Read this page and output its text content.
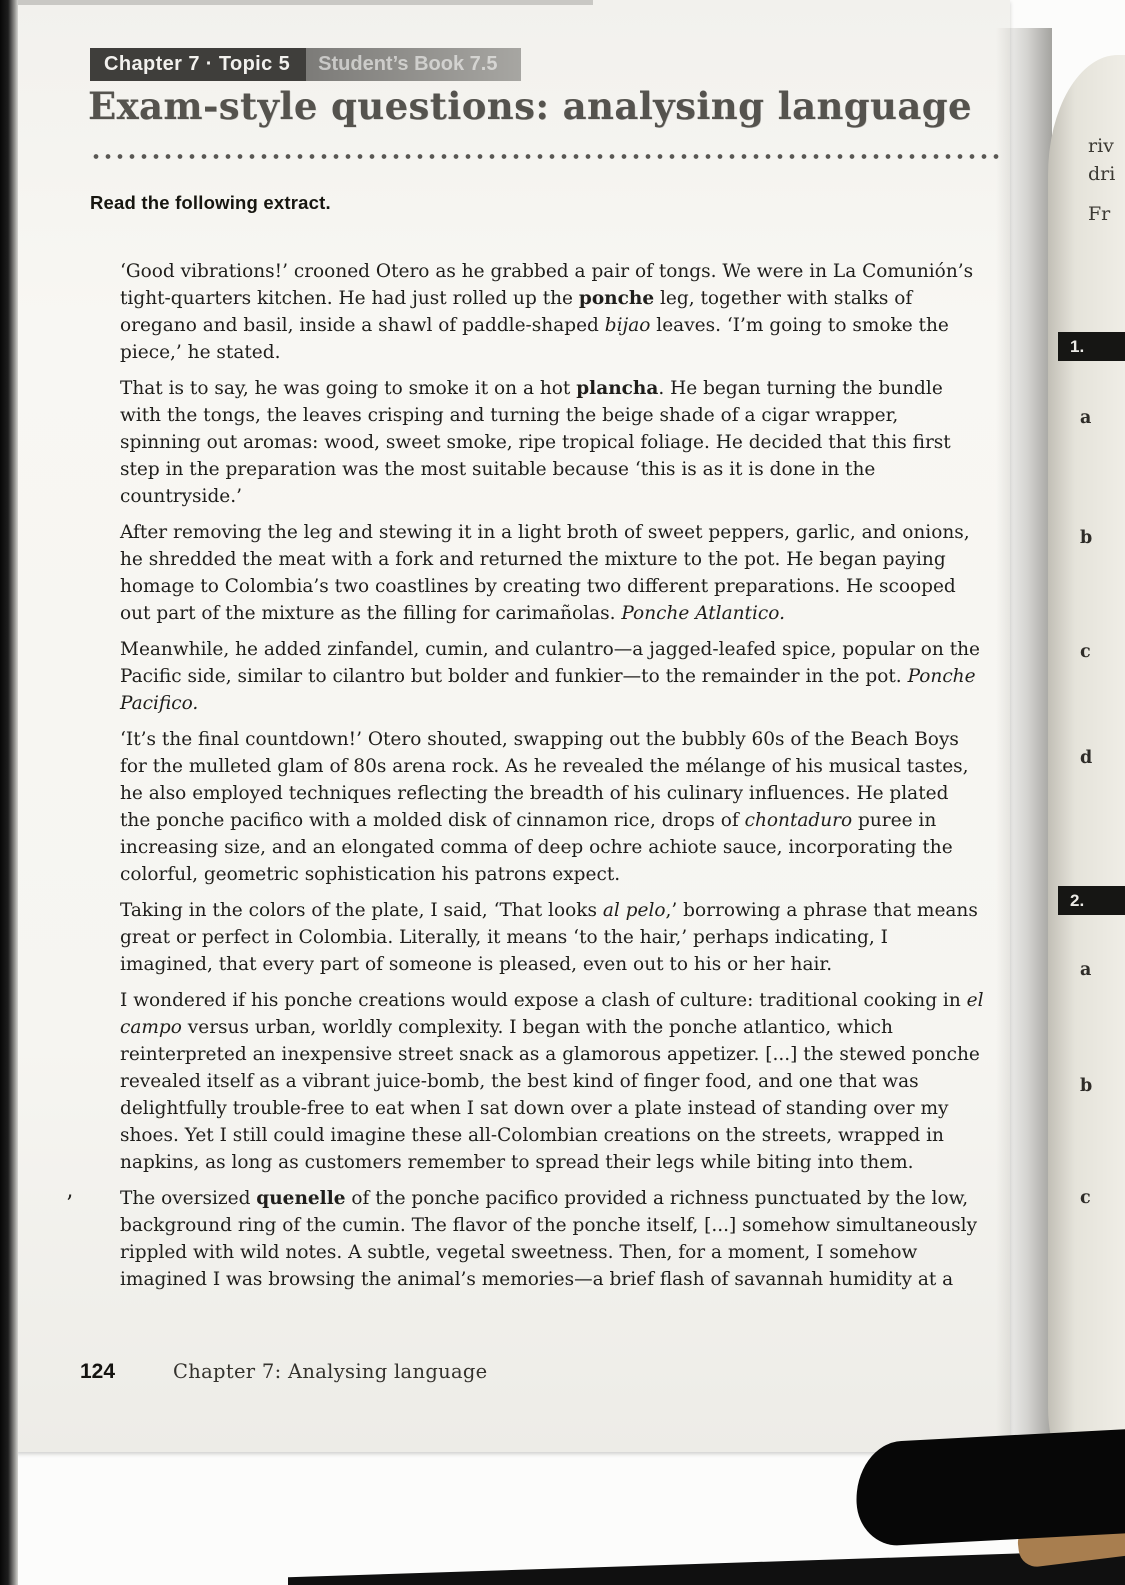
Chapter 7 · Topic 5	Student’s Book 7.5
Exam-style questions: analysing language

Read the following extract.

‘Good vibrations!’ crooned Otero as he grabbed a pair of tongs. We were in La Comunión’s tight-quarters kitchen. He had just rolled up the ponche leg, together with stalks of oregano and basil, inside a shawl of paddle-shaped bijao leaves. ‘I’m going to smoke the piece,’ he stated.

That is to say, he was going to smoke it on a hot plancha. He began turning the bundle with the tongs, the leaves crisping and turning the beige shade of a cigar wrapper, spinning out aromas: wood, sweet smoke, ripe tropical foliage. He decided that this first step in the preparation was the most suitable because ‘this is as it is done in the countryside.’

After removing the leg and stewing it in a light broth of sweet peppers, garlic, and onions, he shredded the meat with a fork and returned the mixture to the pot. He began paying homage to Colombia’s two coastlines by creating two different preparations. He scooped out part of the mixture as the filling for carimañolas. Ponche Atlantico.

Meanwhile, he added zinfandel, cumin, and culantro—a jagged-leafed spice, popular on the Pacific side, similar to cilantro but bolder and funkier—to the remainder in the pot. Ponche Pacifico.

‘It’s the final countdown!’ Otero shouted, swapping out the bubbly 60s of the Beach Boys for the mulleted glam of 80s arena rock. As he revealed the mélange of his musical tastes, he also employed techniques reflecting the breadth of his culinary influences. He plated the ponche pacifico with a molded disk of cinnamon rice, drops of chontaduro puree in increasing size, and an elongated comma of deep ochre achiote sauce, incorporating the colorful, geometric sophistication his patrons expect.

Taking in the colors of the plate, I said, ‘That looks al pelo,’ borrowing a phrase that means great or perfect in Colombia. Literally, it means ‘to the hair,’ perhaps indicating, I imagined, that every part of someone is pleased, even out to his or her hair.

I wondered if his ponche creations would expose a clash of culture: traditional cooking in el campo versus urban, worldly complexity. I began with the ponche atlantico, which reinterpreted an inexpensive street snack as a glamorous appetizer. [...] the stewed ponche revealed itself as a vibrant juice-bomb, the best kind of finger food, and one that was delightfully trouble-free to eat when I sat down over a plate instead of standing over my shoes. Yet I still could imagine these all-Colombian creations on the streets, wrapped in napkins, as long as customers remember to spread their legs while biting into them.

The oversized quenelle of the ponche pacifico provided a richness punctuated by the low, background ring of the cumin. The flavor of the ponche itself, [...] somehow simultaneously rippled with wild notes. A subtle, vegetal sweetness. Then, for a moment, I somehow imagined I was browsing the animal’s memories—a brief flash of savannah humidity at a

’
124	Chapter 7: Analysing language
riv
dri
Fr
1.
a
b
c
d
2.
a
b
c
